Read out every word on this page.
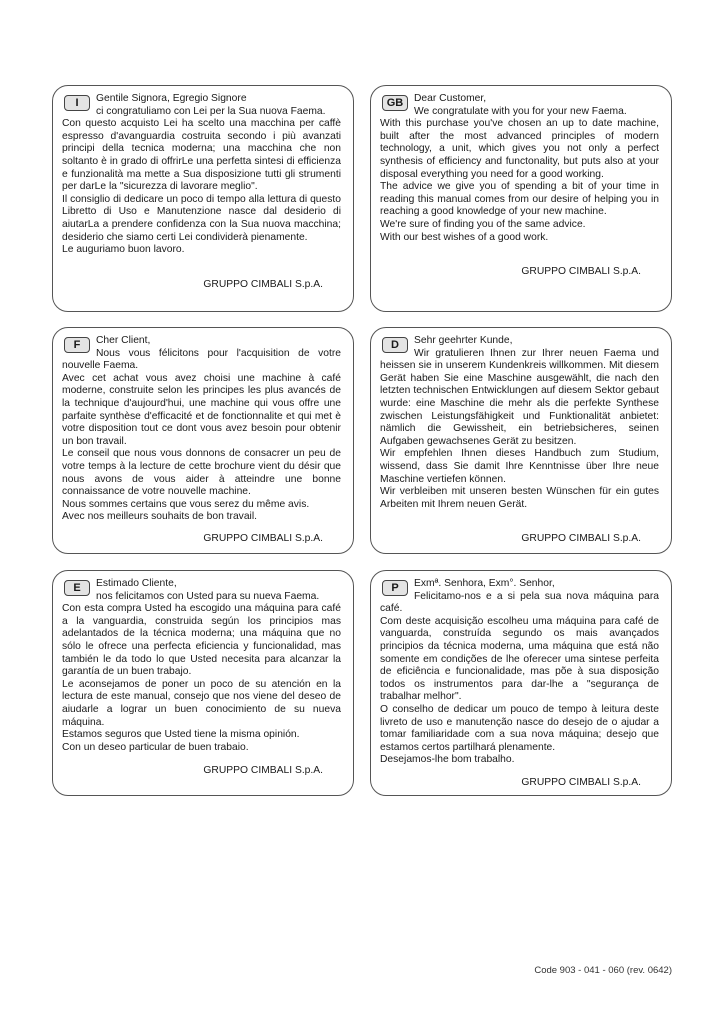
I	Gentile Signora, Egregio Signore
ci congratuliamo con Lei per la Sua nuova Faema.
Con questo acquisto Lei ha scelto una macchina per caffè espresso d'avanguardia costruita secondo i più avanzati principi della tecnica moderna; una macchina che non soltanto è in grado di offrirLe una perfetta sintesi di efficienza e funzionalità ma mette a Sua disposizione tutti gli strumenti per darLe la "sicurezza di lavorare meglio".
Il consiglio di dedicare un poco di tempo alla lettura di questo Libretto di Uso e Manutenzione nasce dal desiderio di aiutarLa a prendere confidenza con la Sua nuova macchina; desiderio che siamo certi Lei condividerà pienamente.
Le auguriamo buon lavoro.
GRUPPO CIMBALI S.p.A.
GB	Dear Customer,
We congratulate with you for your new Faema.
With this purchase you've chosen an up to date machine, built after the most advanced principles of modern technology, a unit, which gives you not only a perfect synthesis of efficiency and functonality, but puts also at your disposal everything you need for a good working.
The advice we give you of spending a bit of your time in reading this manual comes from our desire of helping you in reaching a good knowledge of your new machine.
We're sure of finding you of the same advice.
With our best wishes of a good work.
GRUPPO CIMBALI S.p.A.
F	Cher Client,
Nous vous félicitons pour l'acquisition de votre nouvelle Faema.
Avec cet achat vous avez choisi une machine à café moderne, construite selon les principes les plus avancés de la technique d'aujourd'hui, une machine qui vous offre une parfaite synthèse d'efficacité et de fonctionnalite et qui met è votre disposition tout ce dont vous avez besoin pour obtenir un bon travail.
Le conseil que nous vous donnons de consacrer un peu de votre temps à la lecture de cette brochure vient du désir que nous avons de vous aider à atteindre une bonne connaissance de votre nouvelle machine.
Nous sommes certains que vous serez du même avis.
Avec nos meilleurs souhaits de bon travail.
GRUPPO CIMBALI S.p.A.
D	Sehr geehrter Kunde,
Wir gratulieren Ihnen zur Ihrer neuen Faema und heissen sie in unserem Kundenkreis willkommen. Mit diesem Gerät haben Sie eine Maschine ausgewählt, die nach den letzten technischen Entwicklungen auf diesem Sektor gebaut wurde: eine Maschine die mehr als die perfekte Synthese zwischen Leistungsfähigkeit und Funktionalität anbietet: nämlich die Gewissheit, ein betriebsicheres, seinen Aufgaben gewachsenes Gerät zu besitzen.
Wir empfehlen Ihnen dieses Handbuch zum Studium, wissend, dass Sie damit Ihre Kenntnisse über Ihre neue Maschine vertiefen können.
Wir verbleiben mit unseren besten Wünschen für ein gutes Arbeiten mit Ihrem neuen Gerät.
GRUPPO CIMBALI S.p.A.
E	Estimado Cliente,
nos felicitamos con Usted para su nueva Faema.
Con esta compra Usted ha escogido una máquina para café a la vanguardia, construida según los principios mas adelantados de la técnica moderna; una máquina que no sólo le ofrece una perfecta eficiencia y funcionalidad, mas también le da todo lo que Usted necesita para alcanzar la garantía de un buen trabajo.
Le aconsejamos de poner un poco de su atención en la lectura de este manual, consejo que nos viene del deseo de aiudarle a lograr un buen conocimiento de su nueva máquina.
Estamos seguros que Usted tiene la misma opinión.
Con un deseo particular de buen trabaio.
GRUPPO CIMBALI S.p.A.
P	Exmª. Senhora, Exm°. Senhor,
Felicitamo-nos e a si pela sua nova máquina para café.
Com deste acquisição escolheu uma máquina para café de vanguarda, construída segundo os mais avançados principios da técnica moderna, uma máquina que está não somente em condições de lhe oferecer uma sintese perfeita de eficiência e funcionalidade, mas põe à sua disposição todos os instrumentos para dar-lhe a "segurança de trabalhar melhor".
O conselho de dedicar um pouco de tempo à leitura deste livreto de uso e manutenção nasce do desejo de o ajudar a tomar familiaridade com a sua nova máquina; desejo que estamos certos partilhará plenamente.
Desejamos-lhe bom trabalho.
GRUPPO CIMBALI S.p.A.
Code 903 - 041 - 060 (rev. 0642)
